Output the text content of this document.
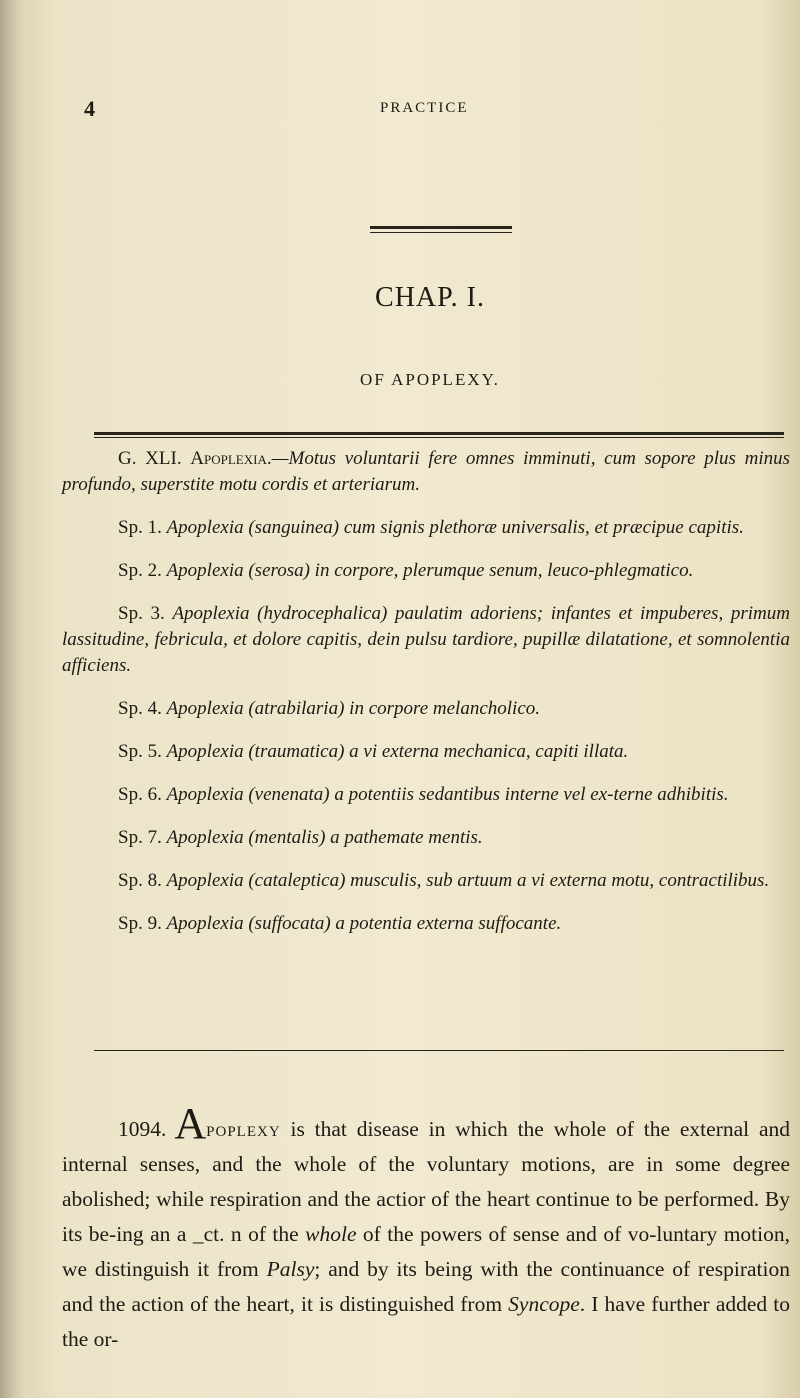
4	PRACTICE
CHAP. I.
OF APOPLEXY.

G. XLI. Apoplexia.—Motus voluntarii fere omnes imminuti, cum sopore plus minus profundo, superstite motu cordis et arteriarum.

Sp. 1. Apoplexia (sanguinea) cum signis plethoræ universalis, et præcipue capitis.

Sp. 2. Apoplexia (serosa) in corpore, plerumque senum, leuco-phlegmatico.

Sp. 3. Apoplexia (hydrocephalica) paulatim adoriens; infantes et impuberes, primum lassitudine, febricula, et dolore capitis, dein pulsu tardiore, pupillæ dilatatione, et somnolentia afficiens.

Sp. 4. Apoplexia (atrabilaria) in corpore melancholico.

Sp. 5. Apoplexia (traumatica) a vi externa mechanica, capiti illata.

Sp. 6. Apoplexia (venenata) a potentiis sedantibus interne vel ex-terne adhibitis.

Sp. 7. Apoplexia (mentalis) a pathemate mentis.

Sp. 8. Apoplexia (cataleptica) musculis, sub artuum a vi externa motu, contractilibus.

Sp. 9. Apoplexia (suffocata) a potentia externa suffocante.

1094. Apoplexy is that disease in which the whole of the external and internal senses, and the whole of the voluntary motions, are in some degree abolished; while respiration and the actior of the heart continue to be performed. By its be-ing an a _ct. n of the whole of the powers of sense and of vo-luntary motion, we distinguish it from Palsy; and by its being with the continuance of respiration and the action of the heart, it is distinguished from Syncope. I have further added to the or-
